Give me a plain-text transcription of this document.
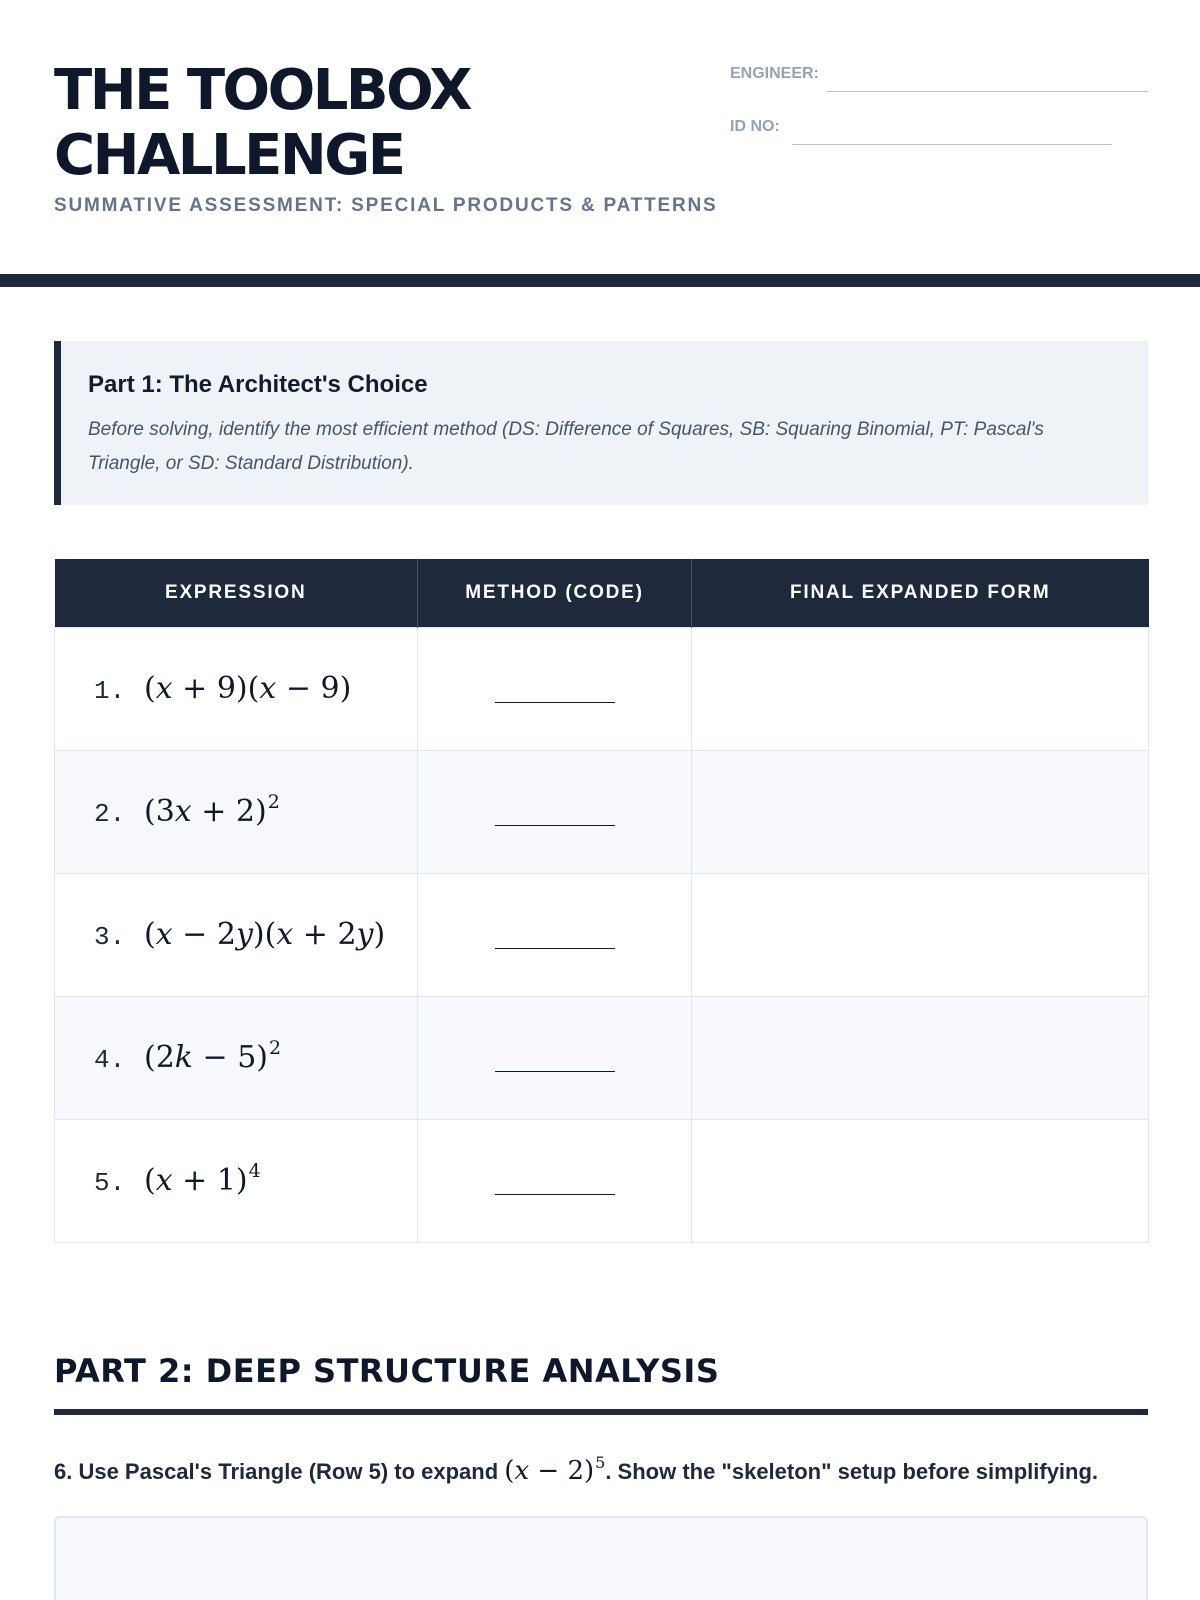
THE TOOLBOX
CHALLENGE
SUMMATIVE ASSESSMENT: SPECIAL PRODUCTS & PATTERNS
ENGINEER:
ID NO:
Part 1: The Architect's Choice
Before solving, identify the most efficient method (DS: Difference of Squares, SB: Squaring Binomial, PT: Pascal's Triangle, or SD: Standard Distribution).
EXPRESSION	METHOD (CODE)	FINAL EXPANDED FORM
1. (x + 9)(x − 9)		
2. $(3x + 2)^2$		
3. (x − 2y)(x + 2y)		
4. $(2k - 5)^2$		
5. $(x + 1)^4$		
PART 2: DEEP STRUCTURE ANALYSIS
6. Use Pascal's Triangle (Row 5) to expand $(x - 2)^5$. Show the "skeleton" setup before simplifying.
